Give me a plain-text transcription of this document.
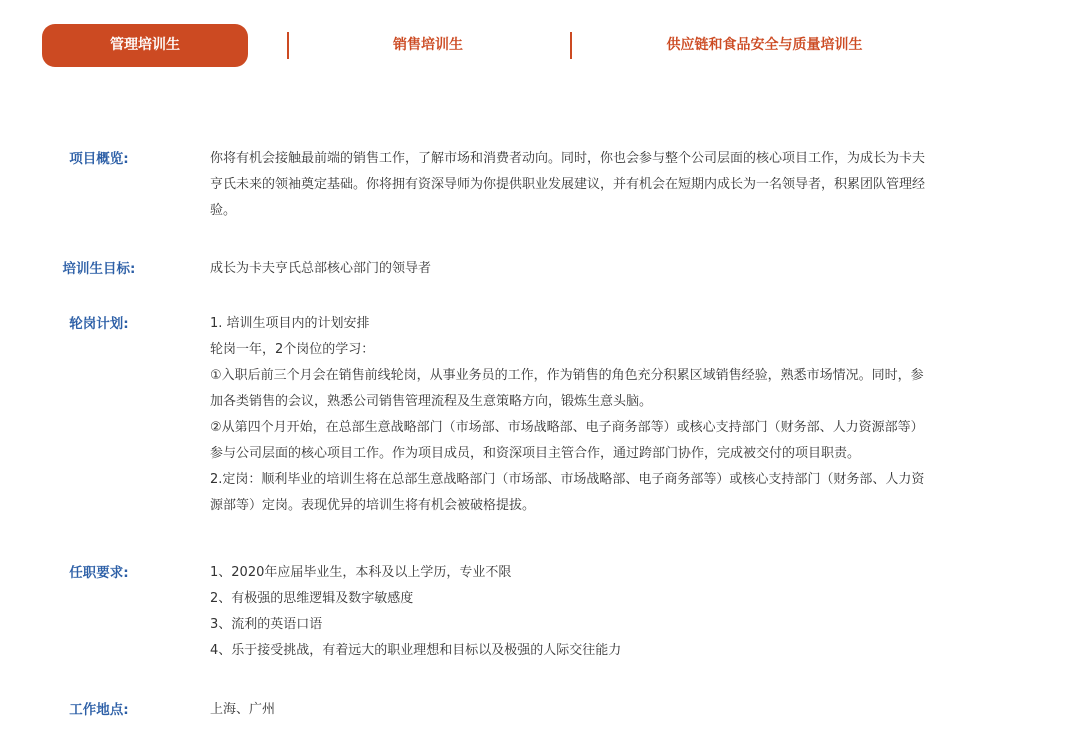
管理培训生	销售培训生	供应链和食品安全与质量培训生
项目概览:	你将有机会接触最前端的销售工作，了解市场和消费者动向。同时，你也会参与整个公司层面的核心项目工作，为成长为卡夫
亨氏未来的领袖奠定基础。你将拥有资深导师为你提供职业发展建议，并有机会在短期内成长为一名领导者，积累团队管理经
验。
培训生目标:	成长为卡夫亨氏总部核心部门的领导者
轮岗计划:	1. 培训生项目内的计划安排
轮岗一年，2个岗位的学习：
①入职后前三个月会在销售前线轮岗，从事业务员的工作，作为销售的角色充分积累区域销售经验，熟悉市场情况。同时，参
加各类销售的会议，熟悉公司销售管理流程及生意策略方向，锻炼生意头脑。
②从第四个月开始，在总部生意战略部门（市场部、市场战略部、电子商务部等）或核心支持部门（财务部、人力资源部等）
参与公司层面的核心项目工作。作为项目成员，和资深项目主管合作，通过跨部门协作，完成被交付的项目职责。
2.定岗：顺利毕业的培训生将在总部生意战略部门（市场部、市场战略部、电子商务部等）或核心支持部门（财务部、人力资
源部等）定岗。表现优异的培训生将有机会被破格提拔。
任职要求:	1、2020年应届毕业生，本科及以上学历，专业不限
2、有极强的思维逻辑及数字敏感度
3、流利的英语口语
4、乐于接受挑战，有着远大的职业理想和目标以及极强的人际交往能力
工作地点:	上海、广州
